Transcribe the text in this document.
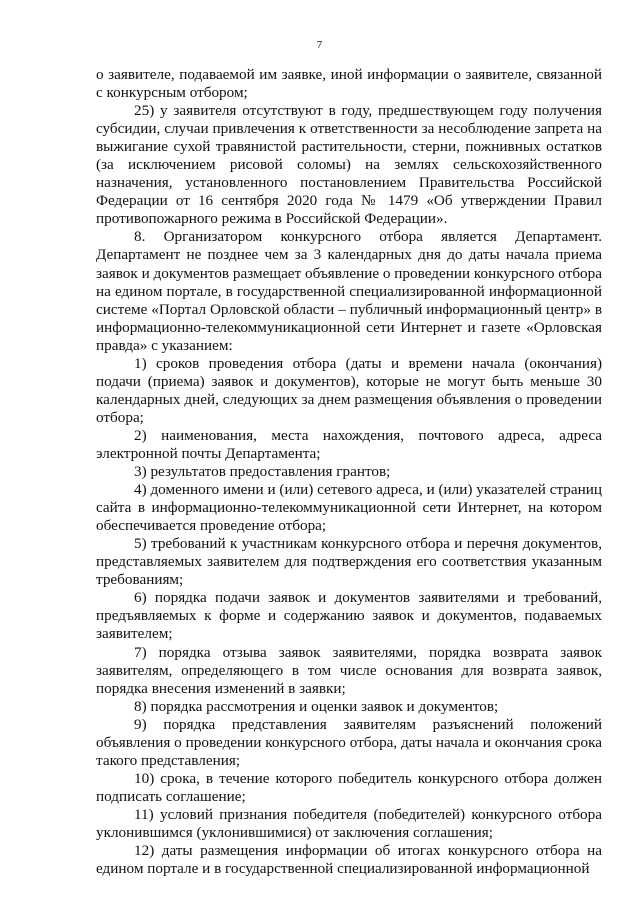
7

о заявителе, подаваемой им заявке, иной информации о заявителе, связанной с конкурсным отбором;

25) у заявителя отсутствуют в году, предшествующем году получения субсидии, случаи привлечения к ответственности за несоблюдение запрета на выжигание сухой травянистой растительности, стерни, пожнивных остатков (за исключением рисовой соломы) на землях сельскохозяйственного назначения, установленного постановлением Правительства Российской Федерации от 16 сентября 2020 года № 1479 «Об утверждении Правил противопожарного режима в Российской Федерации».

8. Организатором конкурсного отбора является Департамент. Департамент не позднее чем за 3 календарных дня до даты начала приема заявок и документов размещает объявление о проведении конкурсного отбора на едином портале, в государственной специализированной информационной системе «Портал Орловской области – публичный информационный центр» в информационно-телекоммуникационной сети Интернет и газете «Орловская правда» с указанием:

1) сроков проведения отбора (даты и времени начала (окончания) подачи (приема) заявок и документов), которые не могут быть меньше 30 календарных дней, следующих за днем размещения объявления о проведении отбора;

2) наименования, места нахождения, почтового адреса, адреса электронной почты Департамента;

3) результатов предоставления грантов;

4) доменного имени и (или) сетевого адреса, и (или) указателей страниц сайта в информационно-телекоммуникационной сети Интернет, на котором обеспечивается проведение отбора;

5) требований к участникам конкурсного отбора и перечня документов, представляемых заявителем для подтверждения его соответствия указанным требованиям;

6) порядка подачи заявок и документов заявителями и требований, предъявляемых к форме и содержанию заявок и документов, подаваемых заявителем;

7) порядка отзыва заявок заявителями, порядка возврата заявок заявителям, определяющего в том числе основания для возврата заявок, порядка внесения изменений в заявки;

8) порядка рассмотрения и оценки заявок и документов;

9) порядка представления заявителям разъяснений положений объявления о проведении конкурсного отбора, даты начала и окончания срока такого представления;

10) срока, в течение которого победитель конкурсного отбора должен подписать соглашение;

11) условий признания победителя (победителей) конкурсного отбора уклонившимся (уклонившимися) от заключения соглашения;

12) даты размещения информации об итогах конкурсного отбора на едином портале и в государственной специализированной информационной
